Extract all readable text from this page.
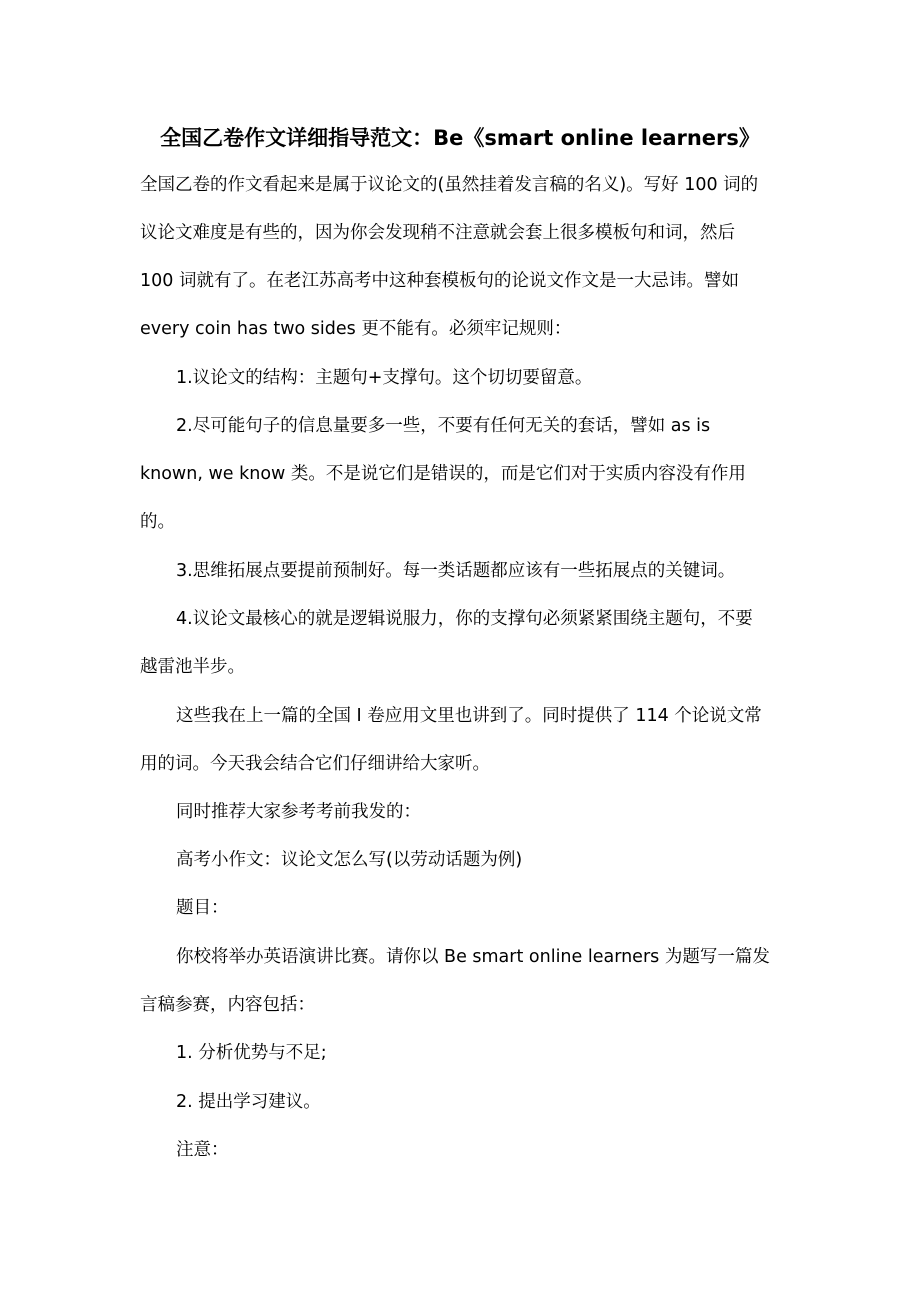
全国乙卷作文详细指导范文：Be《smart online learners》
全国乙卷的作文看起来是属于议论文的(虽然挂着发言稿的名义)。写好 100 词的
议论文难度是有些的，因为你会发现稍不注意就会套上很多模板句和词，然后
100 词就有了。在老江苏高考中这种套模板句的论说文作文是一大忌讳。譬如
every coin has two sides 更不能有。必须牢记规则：
1.议论文的结构：主题句+支撑句。这个切切要留意。
2.尽可能句子的信息量要多一些，不要有任何无关的套话，譬如 as is
known, we know 类。不是说它们是错误的，而是它们对于实质内容没有作用
的。
3.思维拓展点要提前预制好。每一类话题都应该有一些拓展点的关键词。
4.议论文最核心的就是逻辑说服力，你的支撑句必须紧紧围绕主题句，不要
越雷池半步。
这些我在上一篇的全国 I 卷应用文里也讲到了。同时提供了 114 个论说文常
用的词。今天我会结合它们仔细讲给大家听。
同时推荐大家参考考前我发的：
高考小作文：议论文怎么写(以劳动话题为例)
题目：
你校将举办英语演讲比赛。请你以 Be smart online learners 为题写一篇发
言稿参赛，内容包括：
1. 分析优势与不足;
2. 提出学习建议。
注意：
